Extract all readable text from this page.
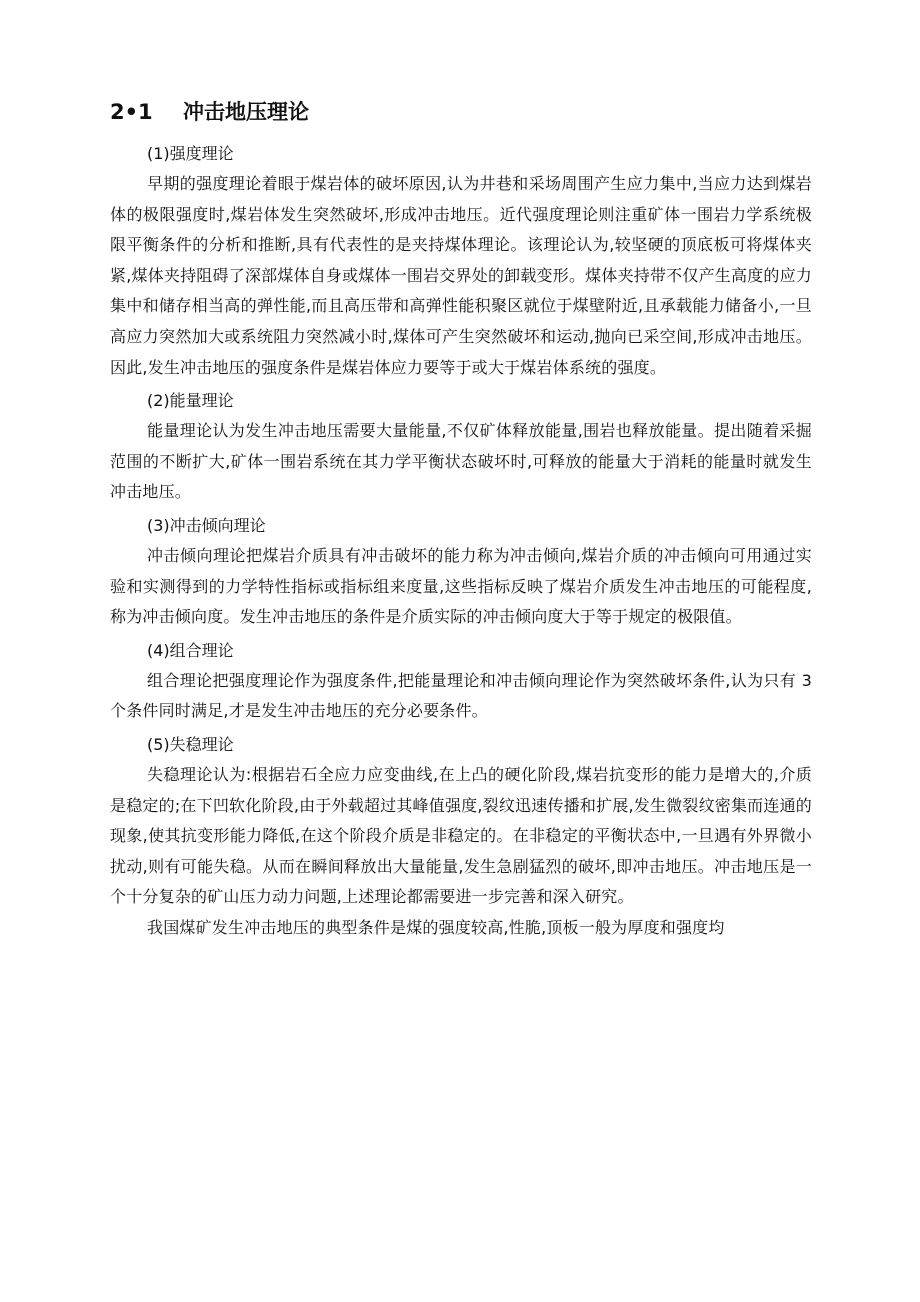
2•1 冲击地压理论

(1)强度理论

早期的强度理论着眼于煤岩体的破坏原因,认为井巷和采场周围产生应力集中,当应力达到煤岩体的极限强度时,煤岩体发生突然破坏,形成冲击地压。近代强度理论则注重矿体一围岩力学系统极限平衡条件的分析和推断,具有代表性的是夹持煤体理论。该理论认为,较坚硬的顶底板可将煤体夹紧,煤体夹持阻碍了深部煤体自身或煤体一围岩交界处的卸载变形。煤体夹持带不仅产生高度的应力集中和储存相当高的弹性能,而且高压带和高弹性能积聚区就位于煤壁附近,且承载能力储备小,一旦高应力突然加大或系统阻力突然减小时,煤体可产生突然破坏和运动,抛向已采空间,形成冲击地压。因此,发生冲击地压的强度条件是煤岩体应力要等于或大于煤岩体系统的强度。

(2)能量理论

能量理论认为发生冲击地压需要大量能量,不仅矿体释放能量,围岩也释放能量。提出随着采掘范围的不断扩大,矿体一围岩系统在其力学平衡状态破坏时,可释放的能量大于消耗的能量时就发生冲击地压。

(3)冲击倾向理论

冲击倾向理论把煤岩介质具有冲击破坏的能力称为冲击倾向,煤岩介质的冲击倾向可用通过实验和实测得到的力学特性指标或指标组来度量,这些指标反映了煤岩介质发生冲击地压的可能程度,称为冲击倾向度。发生冲击地压的条件是介质实际的冲击倾向度大于等于规定的极限值。

(4)组合理论

组合理论把强度理论作为强度条件,把能量理论和冲击倾向理论作为突然破坏条件,认为只有 3 个条件同时满足,才是发生冲击地压的充分必要条件。

(5)失稳理论

失稳理论认为:根据岩石全应力应变曲线,在上凸的硬化阶段,煤岩抗变形的能力是增大的,介质是稳定的;在下凹软化阶段,由于外载超过其峰值强度,裂纹迅速传播和扩展,发生微裂纹密集而连通的现象,使其抗变形能力降低,在这个阶段介质是非稳定的。在非稳定的平衡状态中,一旦遇有外界微小扰动,则有可能失稳。从而在瞬间释放出大量能量,发生急剧猛烈的破坏,即冲击地压。冲击地压是一个十分复杂的矿山压力动力问题,上述理论都需要进一步完善和深入研究。

我国煤矿发生冲击地压的典型条件是煤的强度较高,性脆,顶板一般为厚度和强度均
